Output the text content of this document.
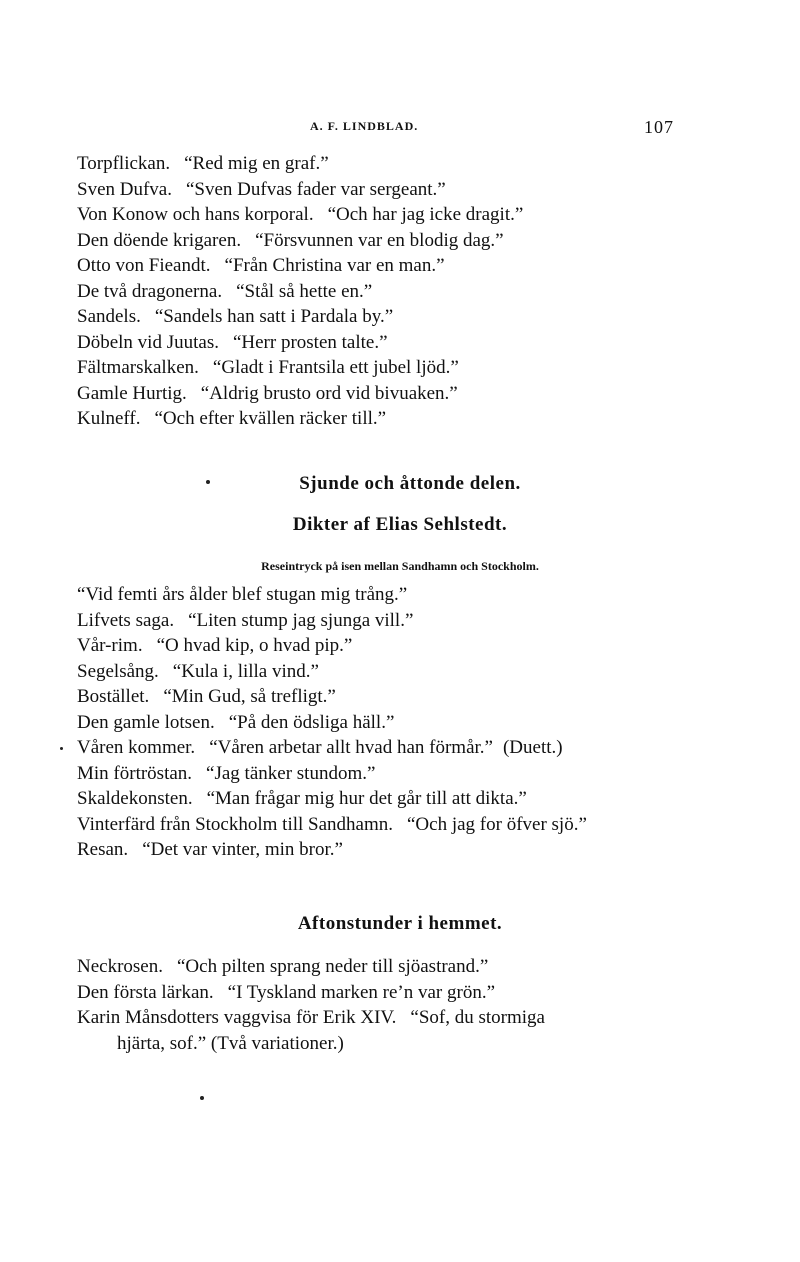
A. F. LINDBLAD.	107
Torpflickan. “Red mig en graf.”
Sven Dufva. “Sven Dufvas fader var sergeant.”
Von Konow och hans korporal. “Och har jag icke dragit.”
Den döende krigaren. “Försvunnen var en blodig dag.”
Otto von Fieandt. “Från Christina var en man.”
De två dragonerna. “Stål så hette en.”
Sandels. “Sandels han satt i Pardala by.”
Döbeln vid Juutas. “Herr prosten talte.”
Fältmarskalken. “Gladt i Frantsila ett jubel ljöd.”
Gamle Hurtig. “Aldrig brusto ord vid bivuaken.”
Kulneff. “Och efter kvällen räcker till.”
Sjunde och åttonde delen.
Dikter af Elias Sehlstedt.
Reseintryck på isen mellan Sandhamn och Stockholm.
“Vid femti års ålder blef stugan mig trång.”
Lifvets saga. “Liten stump jag sjunga vill.”
Vår-rim. “O hvad kip, o hvad pip.”
Segelsång. “Kula i, lilla vind.”
Bostället. “Min Gud, så trefligt.”
Den gamle lotsen. “På den ödsliga häll.”
Våren kommer. “Våren arbetar allt hvad han förmår.” (Duett.)
Min förtröstan. “Jag tänker stundom.”
Skaldekonsten. “Man frågar mig hur det går till att dikta.”
Vinterfärd från Stockholm till Sandhamn. “Och jag for öfver sjö.”
Resan. “Det var vinter, min bror.”
Aftonstunder i hemmet.
Neckrosen. “Och pilten sprang neder till sjöastrand.”
Den första lärkan. “I Tyskland marken re’n var grön.”
Karin Månsdotters vaggvisa för Erik XIV. “Sof, du stormiga
hjärta, sof.” (Två variationer.)
